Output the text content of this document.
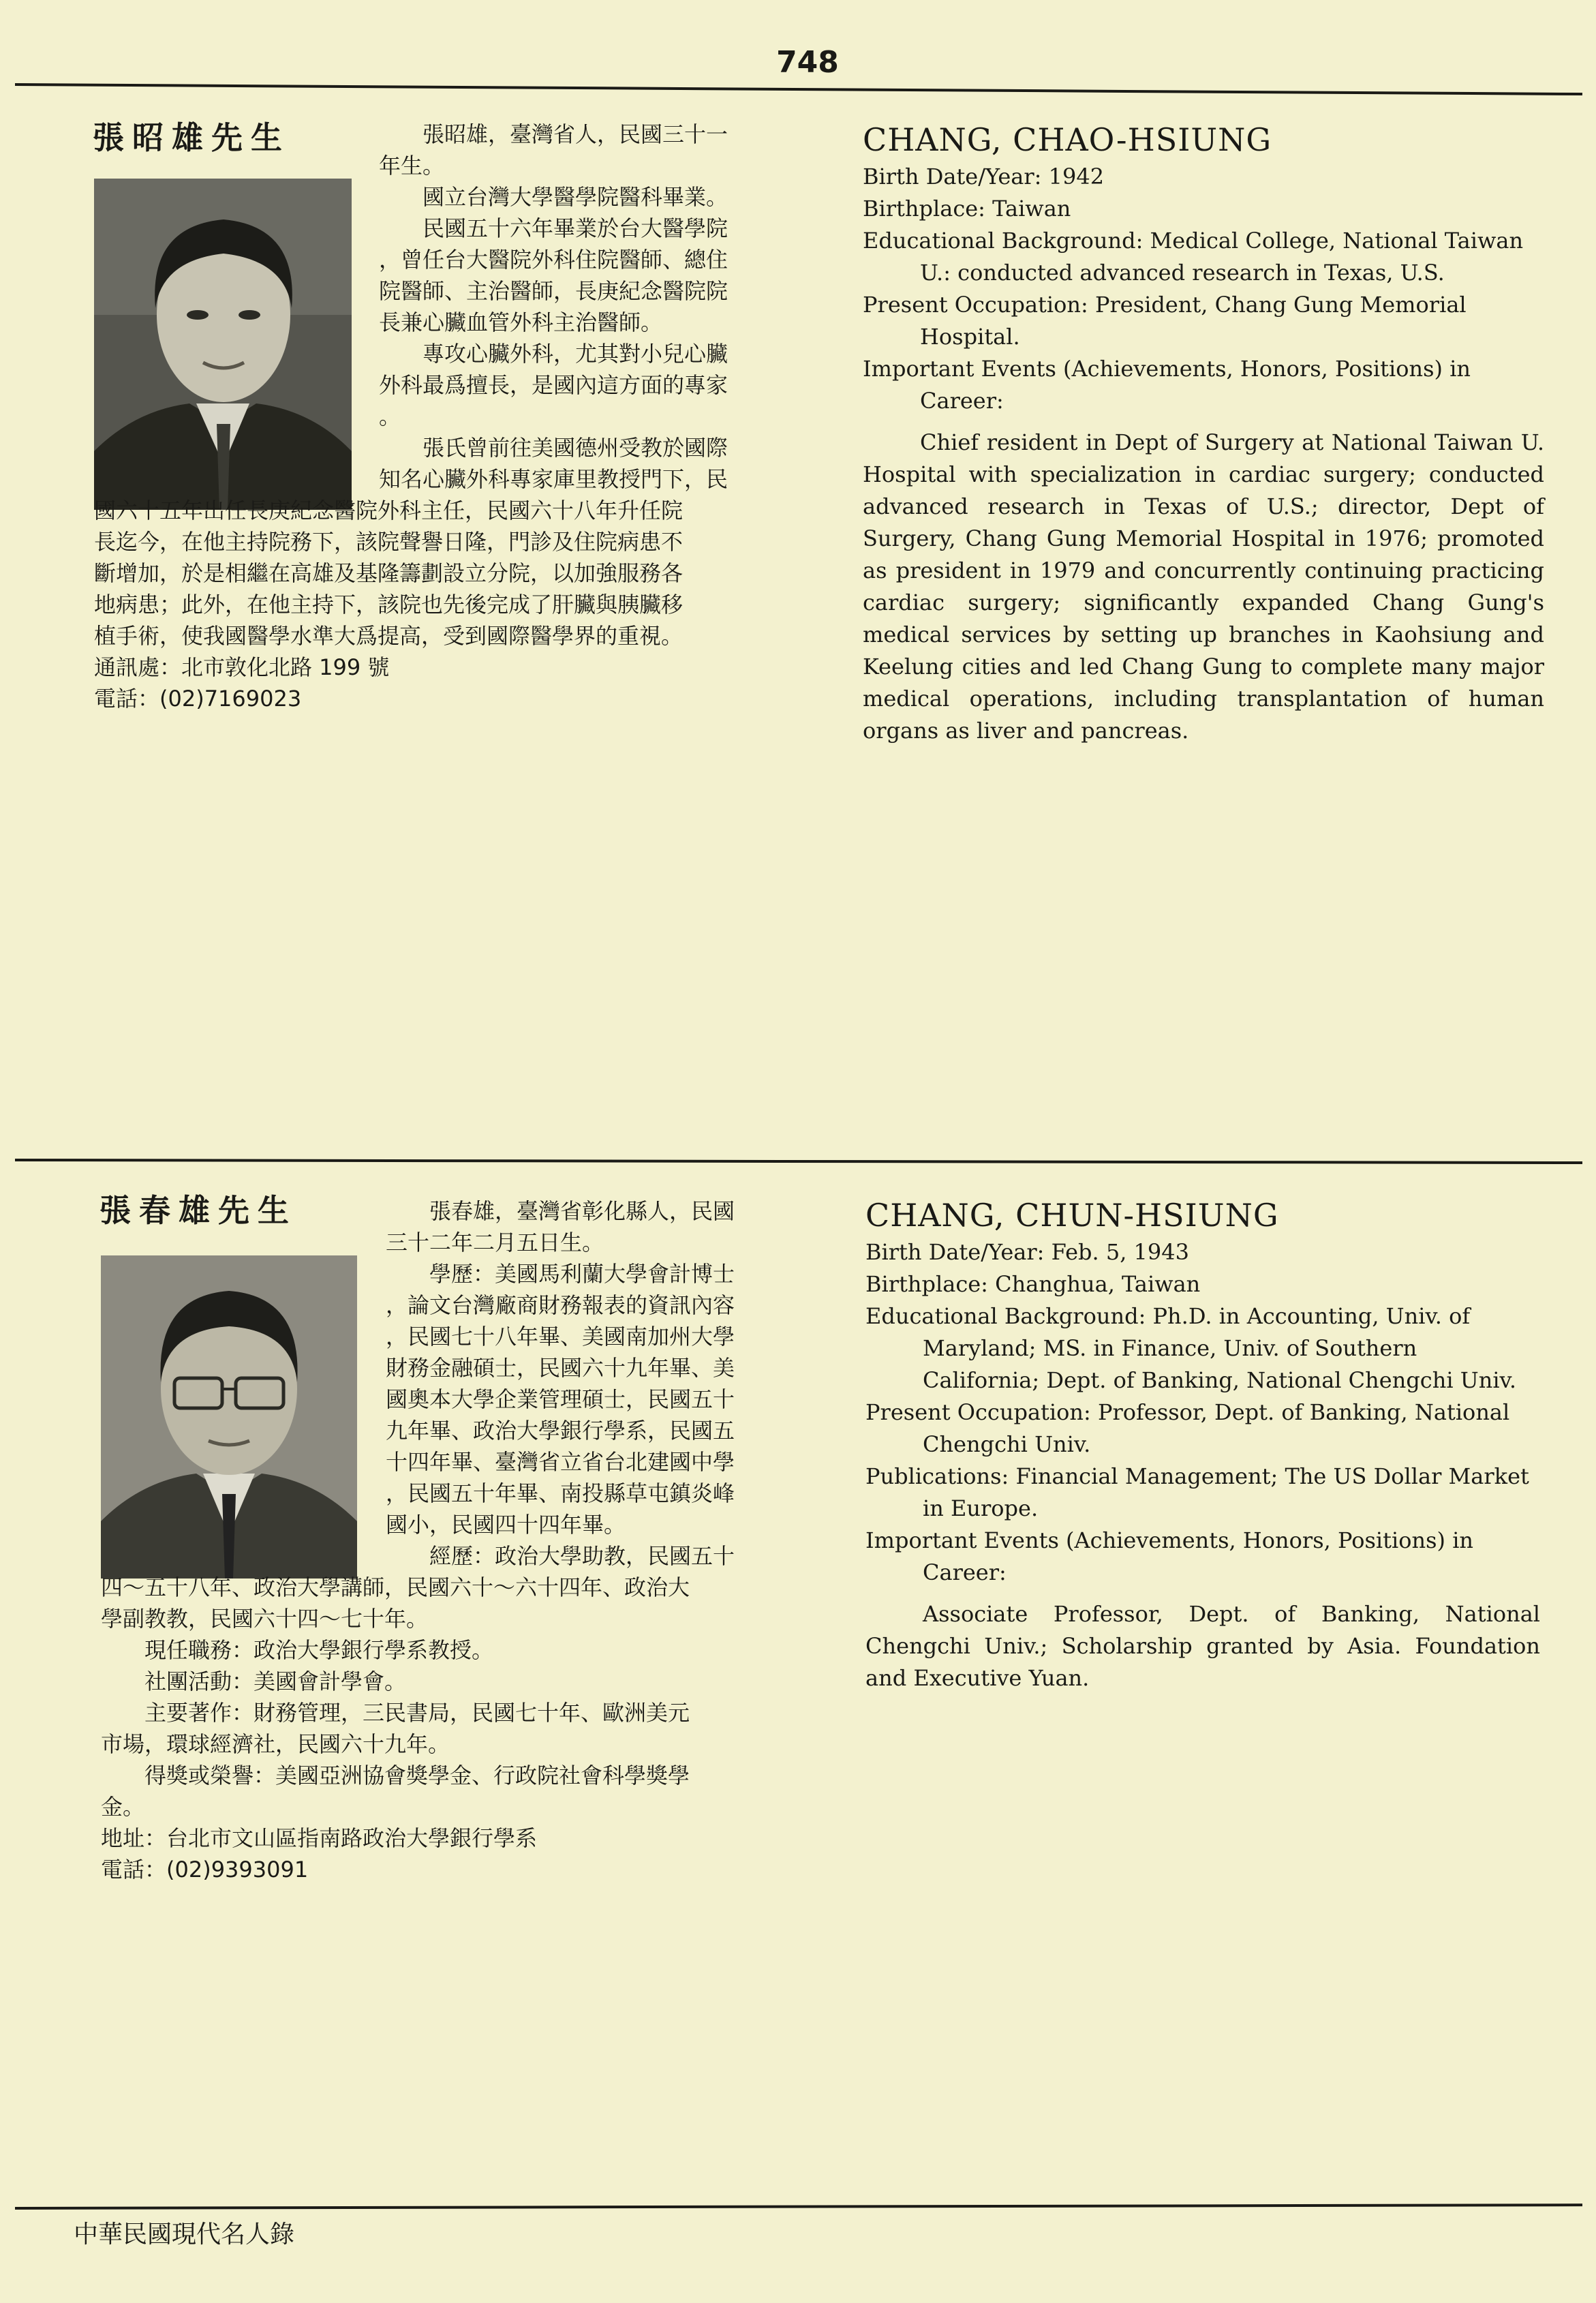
748
張昭雄先生	張昭雄，臺灣省人，民國三十一

年生。

國立台灣大學醫學院醫科畢業。

民國五十六年畢業於台大醫學院

，曾任台大醫院外科住院醫師、總住

院醫師、主治醫師，長庚紀念醫院院

長兼心臟血管外科主治醫師。

專攻心臟外科，尤其對小兒心臟

外科最爲擅長，是國內這方面的專家

。

張氏曾前往美國德州受教於國際

知名心臟外科專家庫里教授門下，民

國六十五年出任長庚紀念醫院外科主任，民國六十八年升任院

長迄今，在他主持院務下，該院聲譽日隆，門診及住院病患不

斷增加，於是相繼在高雄及基隆籌劃設立分院，以加強服務各

地病患；此外，在他主持下，該院也先後完成了肝臟與胰臟移

植手術，使我國醫學水準大爲提高，受到國際醫學界的重視。

通訊處：北市敦化北路 199 號

電話：(02)7169023

CHANG, CHAO-HSIUNG

Birth Date/Year: 1942

Birthplace: Taiwan

Educational Background: Medical College, National Taiwan U.: conducted advanced research in Texas, U.S.

Present Occupation: President, Chang Gung Memorial Hospital.

Important Events (Achievements, Honors, Positions) in Career:

Chief resident in Dept of Surgery at National Taiwan U. Hospital with specialization in cardiac surgery; conducted advanced research in Texas of U.S.; director, Dept of Surgery, Chang Gung Memorial Hospital in 1976; promoted as president in 1979 and concurrently continuing practicing cardiac surgery; significantly expanded Chang Gung's medical services by setting up branches in Kaohsiung and Keelung cities and led Chang Gung to complete many major medical operations, including transplantation of human organs as liver and pancreas.

張春雄先生	張春雄，臺灣省彰化縣人，民國

三十二年二月五日生。

學歷：美國馬利蘭大學會計博士

，論文台灣廠商財務報表的資訊內容

，民國七十八年畢、美國南加州大學

財務金融碩士，民國六十九年畢、美

國奧本大學企業管理碩士，民國五十

九年畢、政治大學銀行學系，民國五

十四年畢、臺灣省立省台北建國中學

，民國五十年畢、南投縣草屯鎮炎峰

國小，民國四十四年畢。

經歷：政治大學助教，民國五十

四～五十八年、政治大學講師，民國六十～六十四年、政治大

學副教教，民國六十四～七十年。

現任職務：政治大學銀行學系教授。

社團活動：美國會計學會。

主要著作：財務管理，三民書局，民國七十年、歐洲美元

市場，環球經濟社，民國六十九年。

得獎或榮譽：美國亞洲協會獎學金、行政院社會科學獎學

金。

地址：台北市文山區指南路政治大學銀行學系

電話：(02)9393091

CHANG, CHUN-HSIUNG

Birth Date/Year: Feb. 5, 1943

Birthplace: Changhua, Taiwan

Educational Background: Ph.D. in Accounting, Univ. of Maryland; MS. in Finance, Univ. of Southern California; Dept. of Banking, National Chengchi Univ.

Present Occupation: Professor, Dept. of Banking, National Chengchi Univ.

Publications: Financial Management; The US Dollar Market in Europe.

Important Events (Achievements, Honors, Positions) in Career:

Associate Professor, Dept. of Banking, National Chengchi Univ.; Scholarship granted by Asia. Foundation and Executive Yuan.

中華民國現代名人錄
